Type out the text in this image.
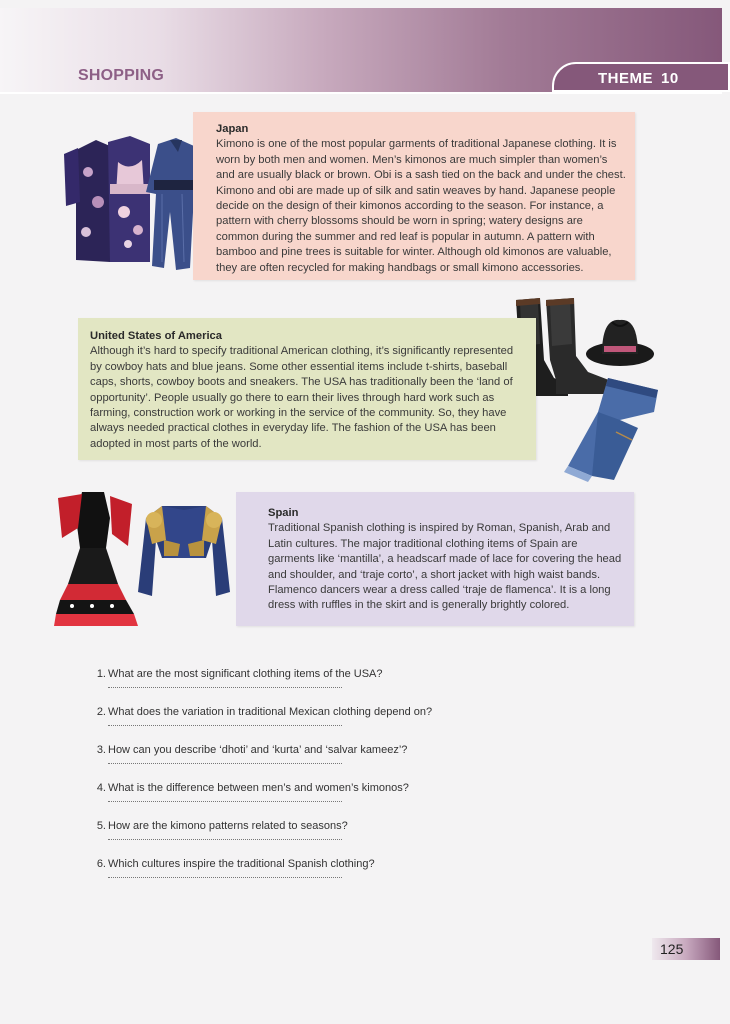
SHOPPING	THEME 10
Japan

Kimono is one of the most popular garments of traditional Japanese clothing. It is worn by both men and women. Men’s kimonos are much simpler than women’s and are usually black or brown. Obi is a sash tied on the back and under the chest. Kimono and obi are made up of silk and satin weaves by hand. Japanese people decide on the design of their kimonos according to the season. For instance, a pattern with cherry blossoms should be worn in spring; watery designs are common during the summer and red leaf is popular in autumn. A pattern with bamboo and pine trees is suitable for winter. Although old kimonos are valuable, they are often recycled for making handbags or small kimono accessories.

United States of America

Although it’s hard to specify traditional American clothing, it’s significantly represented by cowboy hats and blue jeans. Some other essential items include t-shirts, baseball caps, shorts, cowboy boots and sneakers. The USA has traditionally been the ‘land of opportunity’. People usually go there to earn their lives through hard work such as farming, construction work or working in the service of the community. So, they have always needed practical clothes in everyday life. The fashion of the USA has been adopted in most parts of the world.

Spain

Traditional Spanish clothing is inspired by Roman, Spanish, Arab and Latin cultures. The major traditional clothing items of Spain are garments like ‘mantilla’, a headscarf made of lace for covering the head and shoulder, and ‘traje corto’, a short jacket with high waist bands. Flamenco dancers wear a dress called ‘traje de flamenca’. It is a long dress with ruffles in the skirt and is generally brightly colored.

1. What are the most significant clothing items of the USA?
2. What does the variation in traditional Mexican clothing depend on?
3. How can you describe ‘dhoti’ and ‘kurta’ and ‘salvar kameez’?
4. What is the difference between men’s and women’s kimonos?
5. How are the kimono patterns related to seasons?
6. Which cultures inspire the traditional Spanish clothing?
125
